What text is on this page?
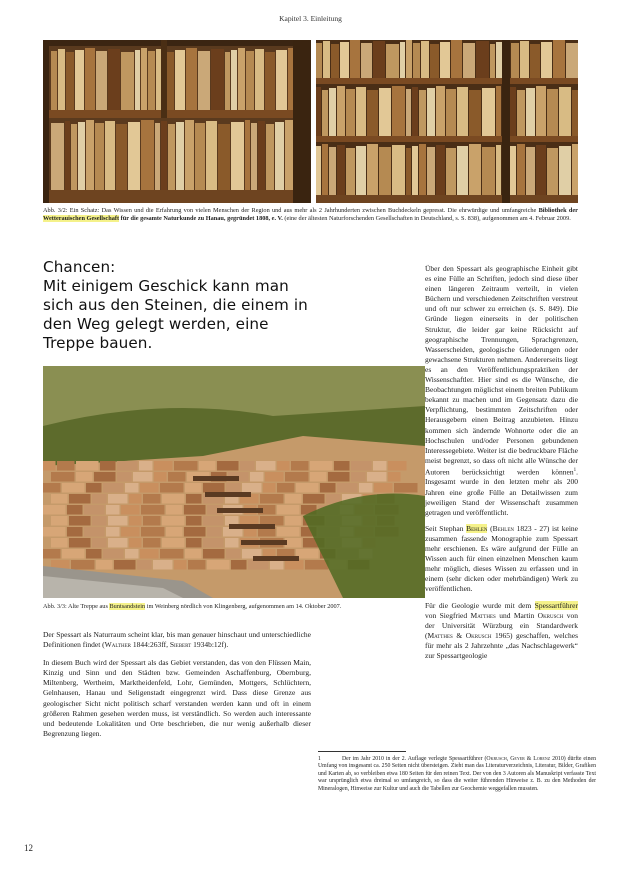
Kapitel 3. Einleitung
Abb. 3/2: Ein Schatz: Das Wissen und die Erfahrung von vielen Menschen der Region und aus mehr als 2 Jahrhunderten zwischen Buchdeckeln gepresst. Die ehrwürdige und umfangreiche Bibliothek der Wetterauischen Gesellschaft für die gesamte Naturkunde zu Hanau, gegründet 1808, e. V. (eine der ältesten Naturforschenden Gesellschaften in Deutschland, s. S. 838), aufgenommen am 4. Februar 2009.
Chancen:
Mit einigem Geschick kann man sich aus den Steinen, die einem in den Weg gelegt werden, eine Treppe bauen.
Abb. 3/3: Alte Treppe aus Buntsandstein im Weinberg nördlich von Klingenberg, aufgenommen am 14. Oktober 2007.

Der Spessart als Naturraum scheint klar, bis man genauer hinschaut und unterschiedliche Definitionen findet (Walther 1844:263ff, Siebert 1934b:12f).

In diesem Buch wird der Spessart als das Gebiet verstanden, das von den Flüssen Main, Kinzig und Sinn und den Städten bzw. Gemeinden Aschaffenburg, Obernburg, Miltenberg, Wertheim, Marktheidenfeld, Lohr, Gemünden, Mottgers, Schlüchtern, Gelnhausen, Hanau und Seligenstadt eingegrenzt wird. Dass diese Grenze aus geologischer Sicht nicht politisch scharf verstanden werden kann und oft in einem größeren Rahmen gesehen werden muss, ist verständlich. So werden auch interessante und bedeutende Lokalitäten und Orte beschrieben, die nur wenig außerhalb dieser Begrenzung liegen.

Über den Spessart als geographische Einheit gibt es eine Fülle an Schriften, jedoch sind diese über einen längeren Zeitraum verteilt, in vielen Büchern und verschiedenen Zeitschriften verstreut und oft nur schwer zu erreichen (s. S. 849). Die Gründe liegen einerseits in der politischen Struktur, die leider gar keine Rücksicht auf geographische Trennungen, Sprachgrenzen, Wasserscheiden, geologische Gliederungen oder gewachsene Strukturen nehmen. Andererseits liegt es an den Veröffentlichungspraktiken der Wissenschaftler. Hier sind es die Wünsche, die Beobachtungen möglichst einem breiten Publikum bekannt zu machen und im Gegensatz dazu die Verpflichtung, bestimmten Zeitschriften oder Herausgebern einen Beitrag anzubieten. Hinzu kommen sich ändernde Wohnorte oder die an Hochschulen und/oder Personen gebundenen Interessegebiete. Weiter ist die bedruckbare Fläche meist begrenzt, so dass oft nicht alle Wünsche der Autoren berücksichtigt werden können$^1$. Insgesamt wurde in den letzten mehr als 200 Jahren eine große Fülle an Detailwissen zum jeweiligen Stand der Wissenschaft zusammen getragen und veröffentlicht.

Seit Stephan Behlen (Behlen 1823 - 27) ist keine zusammen fassende Monographie zum Spessart mehr erschienen. Es wäre aufgrund der Fülle an Wissen auch für einen einzelnen Menschen kaum mehr möglich, dieses Wissen zu erfassen und in einem (sehr dicken oder mehrbändigen) Werk zu veröffentlichen.

Für die Geologie wurde mit dem Spessartführer von Siegfried Matthes und Martin Okrusch von der Universität Würzburg ein Standardwerk (Matthes & Okrusch 1965) geschaffen, welches für mehr als 2 Jahrzehnte „das Nachschlagewerk“ zur Spessartgeologie

1	Der im Jahr 2010 in der 2. Auflage verlegte Spessartführer (Okrusch, Geyer & Lorenz 2010) dürfte einen Umfang von insgesamt ca. 250 Seiten nicht übersteigen. Zieht man das Literaturverzeichnis, Literatur, Bilder, Grafiken und Karten ab, so verbleiben etwa 180 Seiten für den reinen Text. Der von den 3 Autoren als Manuskript verfasste Text war ursprünglich etwa dreimal so umfangreich, so dass die weiter führenden Hinweise z. B. zu den Methoden der Mineralogen, Hinweise zur Kultur und auch die Tabellen zur Geochemie weggefallen mussten.
12
